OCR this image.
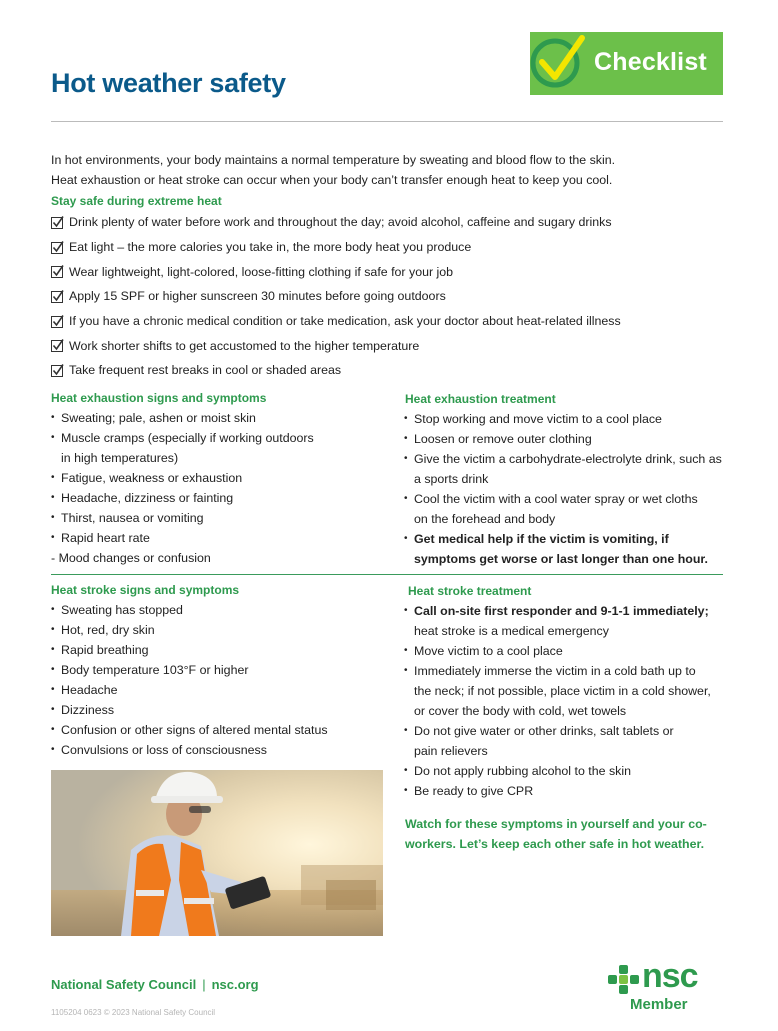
Hot weather safety
Checklist

In hot environments, your body maintains a normal temperature by sweating and blood flow to the skin.

Heat exhaustion or heat stroke can occur when your body can’t transfer enough heat to keep you cool.

Stay safe during extreme heat
Drink plenty of water before work and throughout the day; avoid alcohol, caffeine and sugary drinks
Eat light – the more calories you take in, the more body heat you produce
Wear lightweight, light-colored, loose-fitting clothing if safe for your job
Apply 15 SPF or higher sunscreen 30 minutes before going outdoors
If you have a chronic medical condition or take medication, ask your doctor about heat-related illness
Work shorter shifts to get accustomed to the higher temperature
Take frequent rest breaks in cool or shaded areas
Heat exhaustion signs and symptoms
• Sweating; pale, ashen or moist skin
• Muscle cramps (especially if working outdoors in high temperatures)
• Fatigue, weakness or exhaustion
• Headache, dizziness or fainting
• Thirst, nausea or vomiting
• Rapid heart rate
- Mood changes or confusion
Heat exhaustion treatment
• Stop working and move victim to a cool place
• Loosen or remove outer clothing
• Give the victim a carbohydrate-electrolyte drink, such as a sports drink
• Cool the victim with a cool water spray or wet cloths on the forehead and body
• Get medical help if the victim is vomiting, if symptoms get worse or last longer than one hour.
Heat stroke signs and symptoms
• Sweating has stopped
• Hot, red, dry skin
• Rapid breathing
• Body temperature 103°F or higher
• Headache
• Dizziness
• Confusion or other signs of altered mental status
• Convulsions or loss of consciousness
Heat stroke treatment
• Call on-site first responder and 9-1-1 immediately; heat stroke is a medical emergency
• Move victim to a cool place
• Immediately immerse the victim in a cold bath up to the neck; if not possible, place victim in a cold shower, or cover the body with cold, wet towels
• Do not give water or other drinks, salt tablets or pain relievers
• Do not apply rubbing alcohol to the skin
• Be ready to give CPR
Watch for these symptoms in yourself and your co-workers. Let’s keep each other safe in hot weather.
National Safety Council | nsc.org
1105204 0623 © 2023 National Safety Council
nsc
Member
